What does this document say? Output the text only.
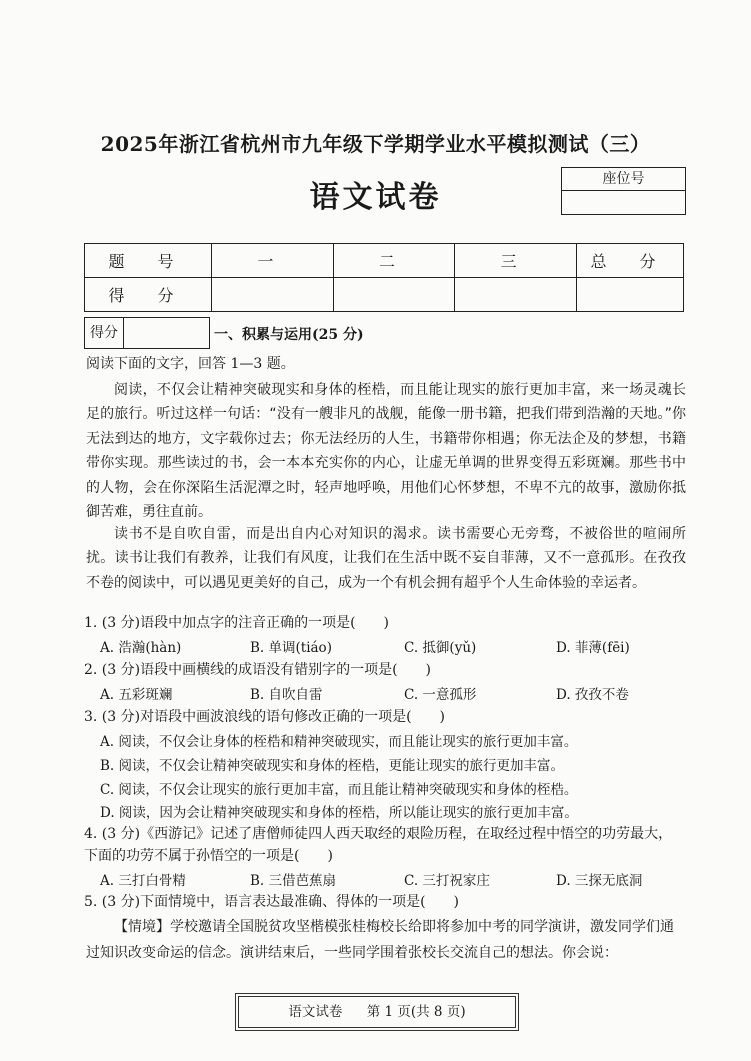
2025年浙江省杭州市九年级下学期学业水平模拟测试（三）
语文试卷
座位号
题 号	一	二	三	总 分
得 分				
得分	一、积累与运用(25 分)
阅读下面的文字，回答 1—3 题。
阅读，不仅会让精神突破现实和身体的桎梏，而且能让现实的旅行更加丰富，来一场灵魂长足的旅行。听过这样一句话：“没有一艘非凡的战舰，能像一册书籍，把我们带到浩瀚的天地。”你无法到达的地方，文字载你过去；你无法经历的人生，书籍带你相遇；你无法企及的梦想，书籍带你实现。那些读过的书，会一本本充实你的内心，让虚无单调的世界变得五彩斑斓。那些书中的人物，会在你深陷生活泥潭之时，轻声地呼唤，用他们心怀梦想，不卑不亢的故事，激励你抵御苦难，勇往直前。
读书不是自吹自雷，而是出自内心对知识的渴求。读书需要心无旁骛，不被俗世的喧闹所扰。读书让我们有教养，让我们有风度，让我们在生活中既不妄自菲薄，又不一意孤形。在孜孜不卷的阅读中，可以遇见更美好的自己，成为一个有机会拥有超乎个人生命体验的幸运者。
1. (3 分)语段中加点字的注音正确的一项是(　　)
A. 浩瀚(hàn)	B. 单调(tiáo)	C. 抵御(yǔ)	D. 菲薄(fēi)
2. (3 分)语段中画横线的成语没有错别字的一项是(　　)
A. 五彩斑斓	B. 自吹自雷	C. 一意孤形	D. 孜孜不卷
3. (3 分)对语段中画波浪线的语句修改正确的一项是(　　)
A. 阅读，不仅会让身体的桎梏和精神突破现实，而且能让现实的旅行更加丰富。
B. 阅读，不仅会让精神突破现实和身体的桎梏，更能让现实的旅行更加丰富。
C. 阅读，不仅会让现实的旅行更加丰富，而且能让精神突破现实和身体的桎梏。
D. 阅读，因为会让精神突破现实和身体的桎梏，所以能让现实的旅行更加丰富。
4. (3 分)《西游记》记述了唐僧师徒四人西天取经的艰险历程，在取经过程中悟空的功劳最大，下面的功劳不属于孙悟空的一项是(　　)
A. 三打白骨精	B. 三借芭蕉扇	C. 三打祝家庄	D. 三探无底洞
5. (3 分)下面情境中，语言表达最准确、得体的一项是(　　)
【情境】学校邀请全国脱贫攻坚楷模张桂梅校长给即将参加中考的同学演讲，激发同学们通过知识改变命运的信念。演讲结束后，一些同学围着张校长交流自己的想法。你会说：
语文试卷 第 1 页(共 8 页)
